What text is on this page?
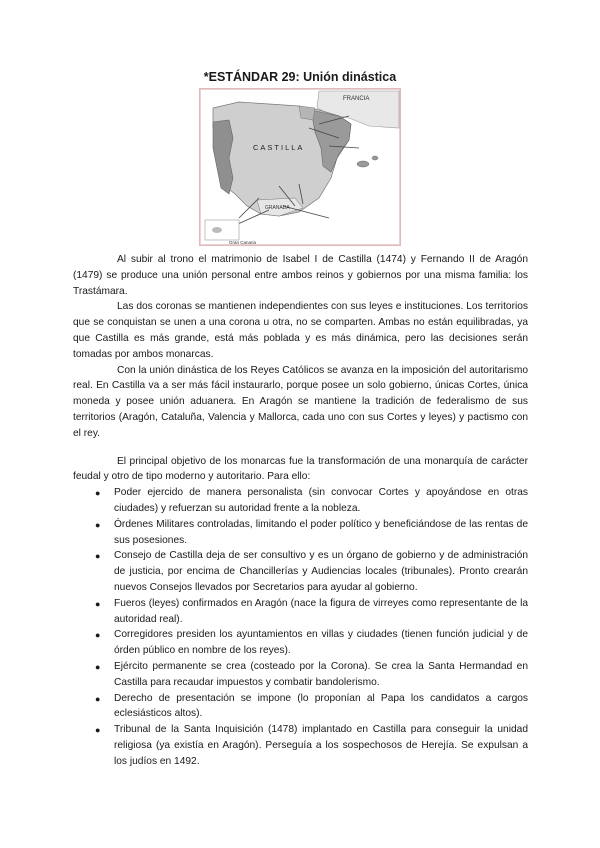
*ESTÁNDAR 29: Unión dinástica
FRANCIA
CASTILLA
GRANADA
Gran Canaria

Al subir al trono el matrimonio de Isabel I de Castilla (1474) y Fernando II de Aragón (1479) se produce una unión personal entre ambos reinos y gobiernos por una misma familia: los Trastámara.

Las dos coronas se mantienen independientes con sus leyes e instituciones. Los territorios que se conquistan se unen a una corona u otra, no se comparten. Ambas no están equilibradas, ya que Castilla es más grande, está más poblada y es más dinámica, pero las decisiones serán tomadas por ambos monarcas.

Con la unión dinástica de los Reyes Católicos se avanza en la imposición del autoritarismo real. En Castilla va a ser más fácil instaurarlo, porque posee un solo gobierno, únicas Cortes, única moneda y posee unión aduanera. En Aragón se mantiene la tradición de federalismo de sus territorios (Aragón, Cataluña, Valencia y Mallorca, cada uno con sus Cortes y leyes) y pactismo con el rey.

El principal objetivo de los monarcas fue la transformación de una monarquía de carácter feudal y otro de tipo moderno y autoritario. Para ello:

● Poder ejercido de manera personalista (sin convocar Cortes y apoyándose en otras ciudades) y refuerzan su autoridad frente a la nobleza.
● Órdenes Militares controladas, limitando el poder político y beneficiándose de las rentas de sus posesiones.
● Consejo de Castilla deja de ser consultivo y es un órgano de gobierno y de administración de justicia, por encima de Chancillerías y Audiencias locales (tribunales). Pronto crearán nuevos Consejos llevados por Secretarios para ayudar al gobierno.
● Fueros (leyes) confirmados en Aragón (nace la figura de virreyes como representante de la autoridad real).
● Corregidores presiden los ayuntamientos en villas y ciudades (tienen función judicial y de órden público en nombre de los reyes).
● Ejército permanente se crea (costeado por la Corona). Se crea la Santa Hermandad en Castilla para recaudar impuestos y combatir bandolerismo.
● Derecho de presentación se impone (lo proponían al Papa los candidatos a cargos eclesiásticos altos).
● Tribunal de la Santa Inquisición (1478) implantado en Castilla para conseguir la unidad religiosa (ya existía en Aragón). Perseguía a los sospechosos de Herejía. Se expulsan a los judíos en 1492.
